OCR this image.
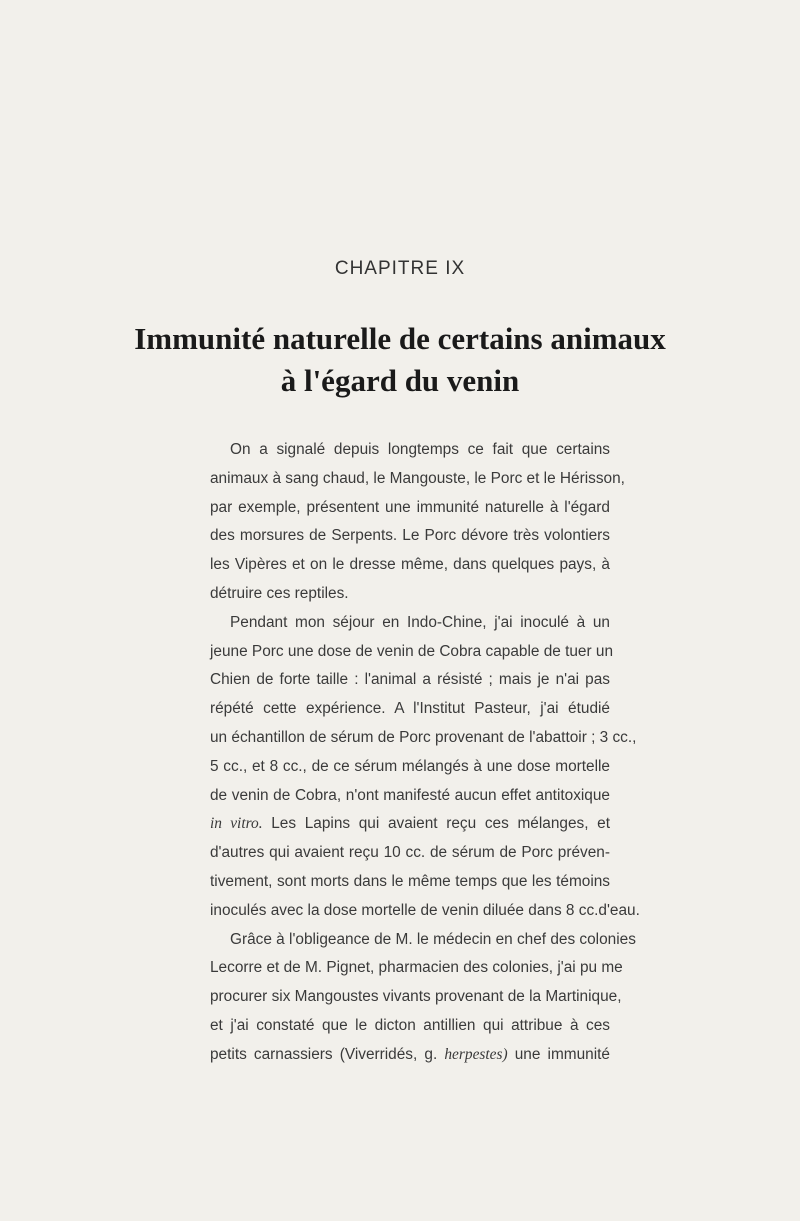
CHAPITRE IX
Immunité naturelle de certains animaux
à l'égard du venin
On a signalé depuis longtemps ce fait que certains
animaux à sang chaud, le Mangouste, le Porc et le Hérisson,
par exemple, présentent une immunité naturelle à l'égard
des morsures de Serpents. Le Porc dévore très volontiers
les Vipères et on le dresse même, dans quelques pays, à
détruire ces reptiles.
Pendant mon séjour en Indo-Chine, j'ai inoculé à un
jeune Porc une dose de venin de Cobra capable de tuer un
Chien de forte taille : l'animal a résisté ; mais je n'ai pas
répété cette expérience. A l'Institut Pasteur, j'ai étudié
un échantillon de sérum de Porc provenant de l'abattoir ; 3 cc.,
5 cc., et 8 cc., de ce sérum mélangés à une dose mortelle
de venin de Cobra, n'ont manifesté aucun effet antitoxique
in vitro. Les Lapins qui avaient reçu ces mélanges, et
d'autres qui avaient reçu 10 cc. de sérum de Porc préven-
tivement, sont morts dans le même temps que les témoins
inoculés avec la dose mortelle de venin diluée dans 8 cc.d'eau.
Grâce à l'obligeance de M. le médecin en chef des colonies
Lecorre et de M. Pignet, pharmacien des colonies, j'ai pu me
procurer six Mangoustes vivants provenant de la Martinique,
et j'ai constaté que le dicton antillien qui attribue à ces
petits carnassiers (Viverridés, g. herpestes) une immunité
